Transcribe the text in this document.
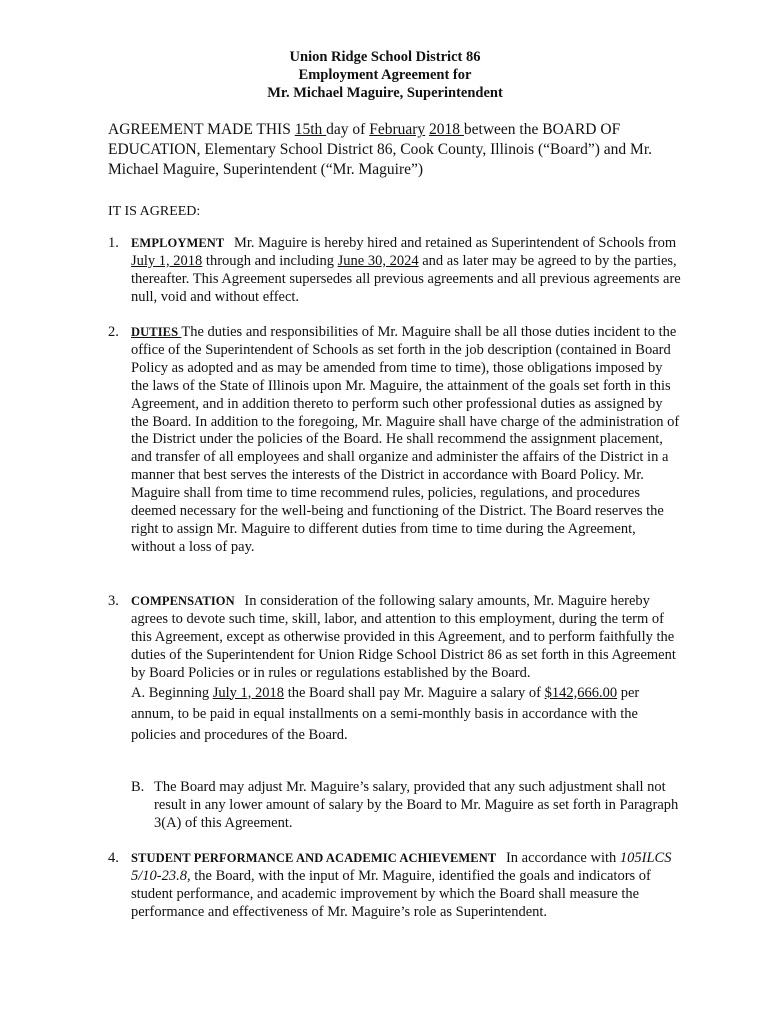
Union Ridge School District 86
Employment Agreement for
Mr. Michael Maguire, Superintendent
AGREEMENT MADE THIS 15th day of February 2018 between the BOARD OF EDUCATION, Elementary School District 86, Cook County, Illinois (“Board”) and Mr. Michael Maguire, Superintendent (“Mr. Maguire”)
IT IS AGREED:
1. EMPLOYMENT Mr. Maguire is hereby hired and retained as Superintendent of Schools from July 1, 2018 through and including June 30, 2024 and as later may be agreed to by the parties, thereafter. This Agreement supersedes all previous agreements and all previous agreements are null, void and without effect.
2. DUTIES The duties and responsibilities of Mr. Maguire shall be all those duties incident to the office of the Superintendent of Schools as set forth in the job description (contained in Board Policy as adopted and as may be amended from time to time), those obligations imposed by the laws of the State of Illinois upon Mr. Maguire, the attainment of the goals set forth in this Agreement, and in addition thereto to perform such other professional duties as assigned by the Board. In addition to the foregoing, Mr. Maguire shall have charge of the administration of the District under the policies of the Board. He shall recommend the assignment placement, and transfer of all employees and shall organize and administer the affairs of the District in a manner that best serves the interests of the District in accordance with Board Policy. Mr. Maguire shall from time to time recommend rules, policies, regulations, and procedures deemed necessary for the well-being and functioning of the District. The Board reserves the right to assign Mr. Maguire to different duties from time to time during the Agreement, without a loss of pay.
3. COMPENSATION In consideration of the following salary amounts, Mr. Maguire hereby agrees to devote such time, skill, labor, and attention to this employment, during the term of this Agreement, except as otherwise provided in this Agreement, and to perform faithfully the duties of the Superintendent for Union Ridge School District 86 as set forth in this Agreement by Board Policies or in rules or regulations established by the Board.
A. Beginning July 1, 2018 the Board shall pay Mr. Maguire a salary of $142,666.00 per annum, to be paid in equal installments on a semi-monthly basis in accordance with the policies and procedures of the Board.
B. The Board may adjust Mr. Maguire’s salary, provided that any such adjustment shall not result in any lower amount of salary by the Board to Mr. Maguire as set forth in Paragraph 3(A) of this Agreement.
4. STUDENT PERFORMANCE AND ACADEMIC ACHIEVEMENT In accordance with 105ILCS 5/10-23.8, the Board, with the input of Mr. Maguire, identified the goals and indicators of student performance, and academic improvement by which the Board shall measure the performance and effectiveness of Mr. Maguire’s role as Superintendent.
